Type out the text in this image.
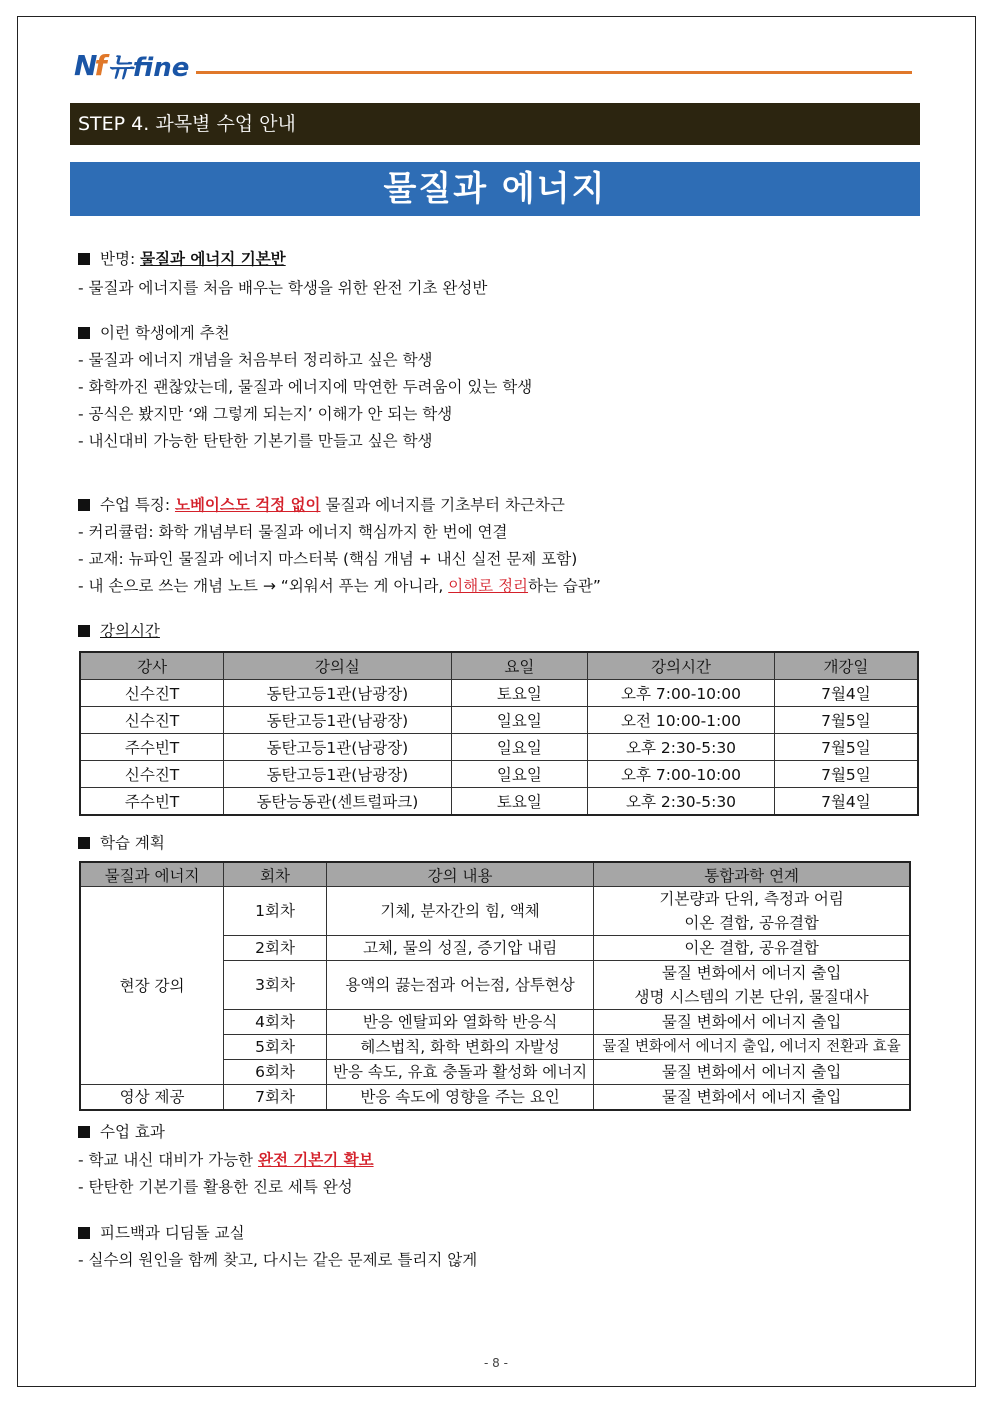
Nf 뉴fine
STEP 4. 과목별 수업 안내
물질과 에너지
반명: 물질과 에너지 기본반
- 물질과 에너지를 처음 배우는 학생을 위한 완전 기초 완성반
이런 학생에게 추천
- 물질과 에너지 개념을 처음부터 정리하고 싶은 학생
- 화학까진 괜찮았는데, 물질과 에너지에 막연한 두려움이 있는 학생
- 공식은 봤지만 ‘왜 그렇게 되는지’ 이해가 안 되는 학생
- 내신대비 가능한 탄탄한 기본기를 만들고 싶은 학생
수업 특징: 노베이스도 걱정 없이 물질과 에너지를 기초부터 차근차근
- 커리큘럼: 화학 개념부터 물질과 에너지 핵심까지 한 번에 연결
- 교재: 뉴파인 물질과 에너지 마스터북 (핵심 개념 + 내신 실전 문제 포함)
- 내 손으로 쓰는 개념 노트 → “외워서 푸는 게 아니라, 이해로 정리하는 습관”
강의시간
학습 계획
수업 효과
- 학교 내신 대비가 가능한 완전 기본기 확보
- 탄탄한 기본기를 활용한 진로 세특 완성
피드백과 디딤돌 교실
- 실수의 원인을 함께 찾고, 다시는 같은 문제로 틀리지 않게
강사	강의실	요일	강의시간	개강일
신수진T	동탄고등1관(남광장)	토요일	오후 7:00-10:00	7월4일
신수진T	동탄고등1관(남광장)	일요일	오전 10:00-1:00	7월5일
주수빈T	동탄고등1관(남광장)	일요일	오후 2:30-5:30	7월5일
신수진T	동탄고등1관(남광장)	일요일	오후 7:00-10:00	7월5일
주수빈T	동탄능동관(센트럴파크)	토요일	오후 2:30-5:30	7월4일
물질과 에너지	회차	강의 내용	통합과학 연계
현장 강의	1회차	기체, 분자간의 힘, 액체	기본량과 단위, 측정과 어림
			이온 결합, 공유결합
	2회차	고체, 물의 성질, 증기압 내림	이온 결합, 공유결합
	3회차	용액의 끓는점과 어는점, 삼투현상	물질 변화에서 에너지 출입
			생명 시스템의 기본 단위, 물질대사
	4회차	반응 엔탈피와 열화학 반응식	물질 변화에서 에너지 출입
	5회차	헤스법칙, 화학 변화의 자발성	물질 변화에서 에너지 출입, 에너지 전환과 효율
	6회차	반응 속도, 유효 충돌과 활성화 에너지	물질 변화에서 에너지 출입
영상 제공	7회차	반응 속도에 영향을 주는 요인	물질 변화에서 에너지 출입
- 8 -
